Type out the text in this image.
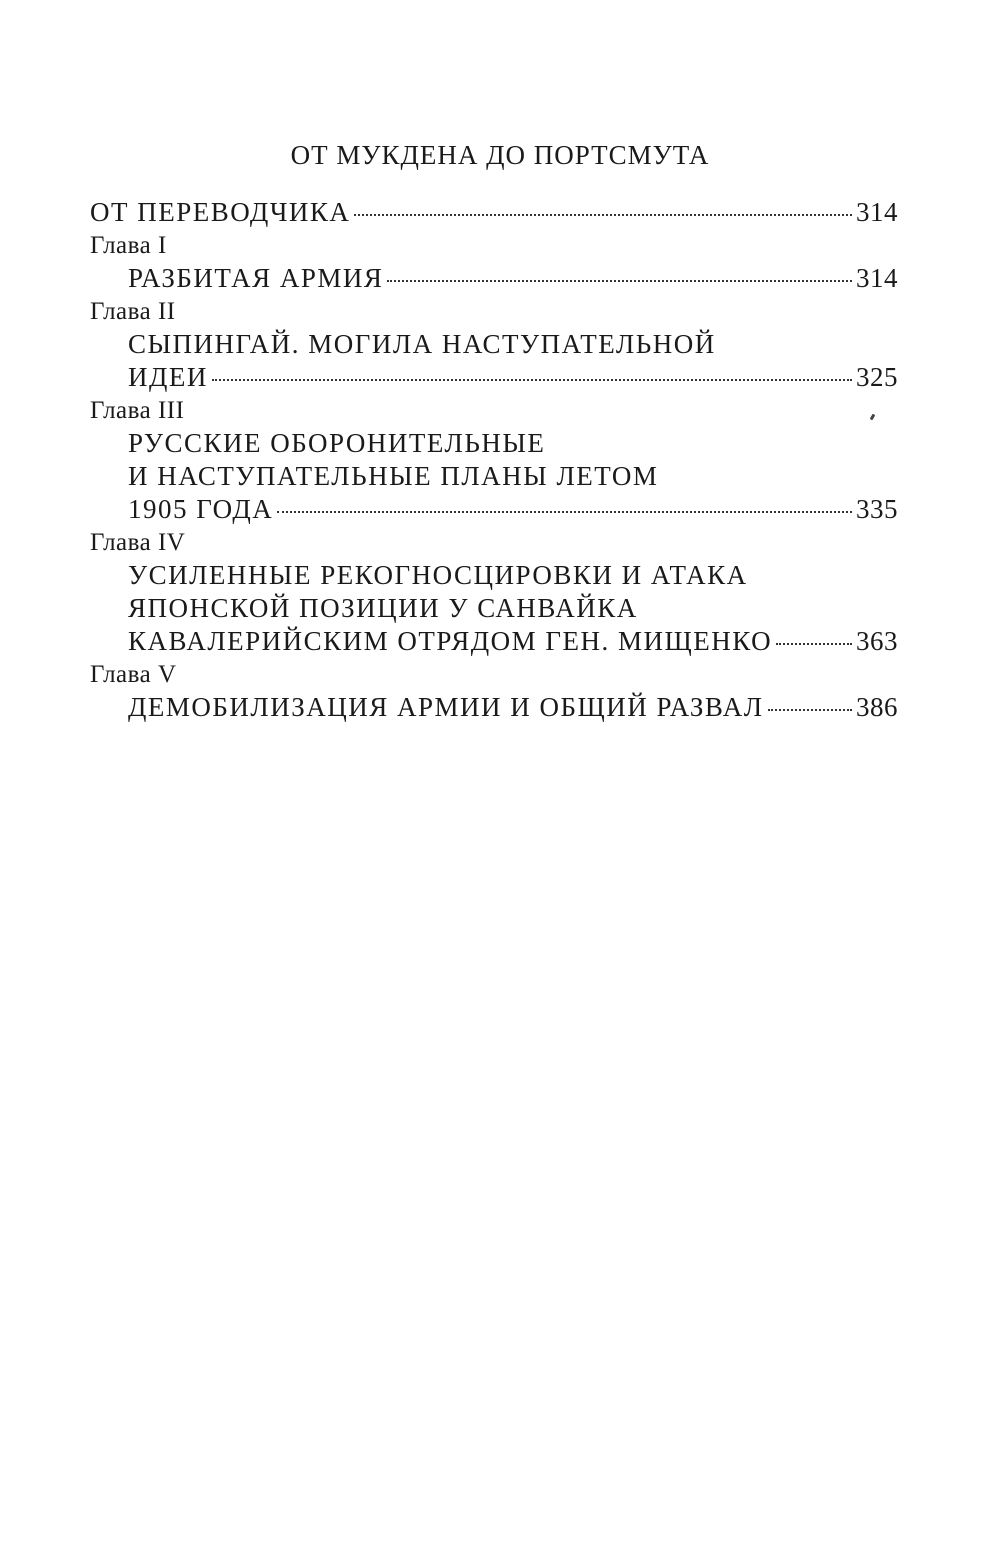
ОТ МУКДЕНА ДО ПОРТСМУТА
ОТ ПЕРЕВОДЧИКА	314
Глава I
РАЗБИТАЯ АРМИЯ	314
Глава II
СЫПИНГАЙ. МОГИЛА НАСТУПАТЕЛЬНОЙ
ИДЕИ	325
Глава III
РУССКИЕ ОБОРОНИТЕЛЬНЫЕ
И НАСТУПАТЕЛЬНЫЕ ПЛАНЫ ЛЕТОМ
1905 ГОДА	335
Глава IV
УСИЛЕННЫЕ РЕКОГНОСЦИРОВКИ И АТАКА
ЯПОНСКОЙ ПОЗИЦИИ У САНВАЙКА
КАВАЛЕРИЙСКИМ ОТРЯДОМ ГЕН. МИЩЕНКО	363
Глава V
ДЕМОБИЛИЗАЦИЯ АРМИИ И ОБЩИЙ РАЗВАЛ	386
